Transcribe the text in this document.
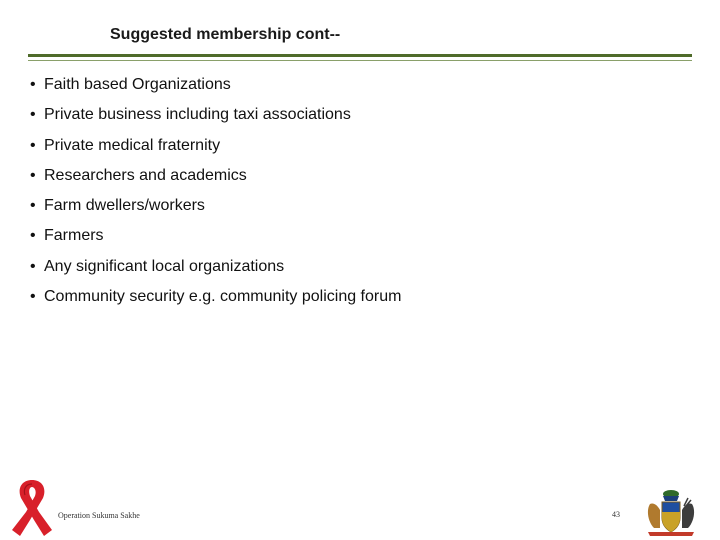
Suggested membership cont--
• Faith based Organizations
• Private business including taxi associations
• Private medical fraternity
• Researchers and academics
• Farm dwellers/workers
• Farmers
• Any significant local organizations
• Community security e.g. community policing forum
Operation Sukuma Sakhe	43
